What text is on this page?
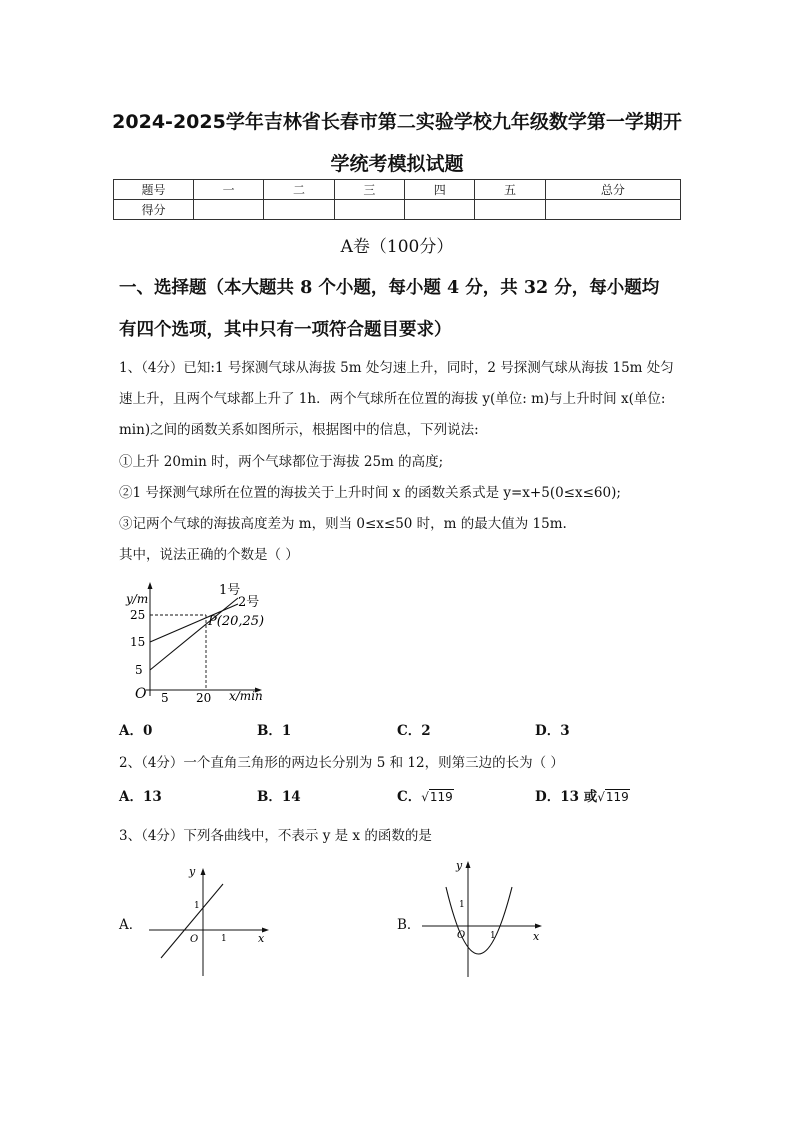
2024-2025学年吉林省长春市第二实验学校九年级数学第一学期开
学统考模拟试题
题号	一	二	三	四	五	总分
得分						
A卷（100分）
一、选择题（本大题共 8 个小题，每小题 4 分，共 32 分，每小题均
有四个选项，其中只有一项符合题目要求）
1、（4分）已知:1 号探测气球从海拔 5m 处匀速上升，同时，2 号探测气球从海拔 15m 处匀
速上升，且两个气球都上升了 1h．两个气球所在位置的海拔 y(单位: m)与上升时间 x(单位:
min)之间的函数关系如图所示，根据图中的信息，下列说法:
①上升 20min 时，两个气球都位于海拔 25m 的高度;
②1 号探测气球所在位置的海拔关于上升时间 x 的函数关系式是 y=x+5(0≤x≤60);
③记两个气球的海拔高度差为 m，则当 0≤x≤50 时，m 的最大值为 15m.
其中，说法正确的个数是（ ）
y/m
25
15
5
O 5 20 x/min
P(20,25)
1号
2号
A．0	B．1	C．2	D．3
2、（4分）一个直角三角形的两边长分别为 5 和 12，则第三边的长为（ ）
A．13	B．14	C．√119	D．13 或√119
3、（4分）下列各曲线中，不表示 y 是 x 的函数的是
A．
y
x
O
1
1
B．
y
x
O
1
1
